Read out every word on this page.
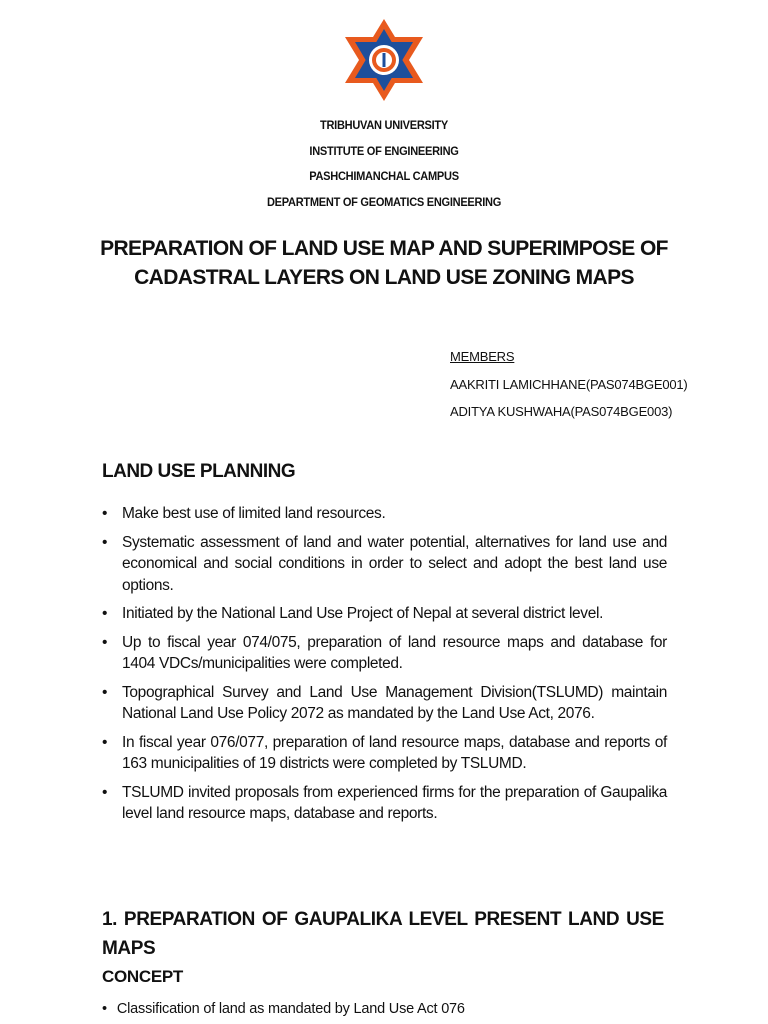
TRIBHUVAN UNIVERSITY
INSTITUTE OF ENGINEERING
PASHCHIMANCHAL CAMPUS
DEPARTMENT OF GEOMATICS ENGINEERING
PREPARATION OF LAND USE MAP AND SUPERIMPOSE OF
CADASTRAL LAYERS ON LAND USE ZONING MAPS
MEMBERS
AAKRITI LAMICHHANE(PAS074BGE001)
ADITYA KUSHWAHA(PAS074BGE003)
LAND USE PLANNING
• Make best use of limited land resources.
• Systematic assessment of land and water potential, alternatives for land use and economical and social conditions in order to select and adopt the best land use options.
• Initiated by the National Land Use Project of Nepal at several district level.
• Up to fiscal year 074/075, preparation of land resource maps and database for 1404 VDCs/municipalities were completed.
• Topographical Survey and Land Use Management Division(TSLUMD) maintain National Land Use Policy 2072 as mandated by the Land Use Act, 2076.
• In fiscal year 076/077, preparation of land resource maps, database and reports of 163 municipalities of 19 districts were completed by TSLUMD.
• TSLUMD invited proposals from experienced firms for the preparation of Gaupalika level land resource maps, database and reports.
1. PREPARATION OF GAUPALIKA LEVEL PRESENT LAND USE MAPS
CONCEPT
• Classification of land as mandated by Land Use Act 076
